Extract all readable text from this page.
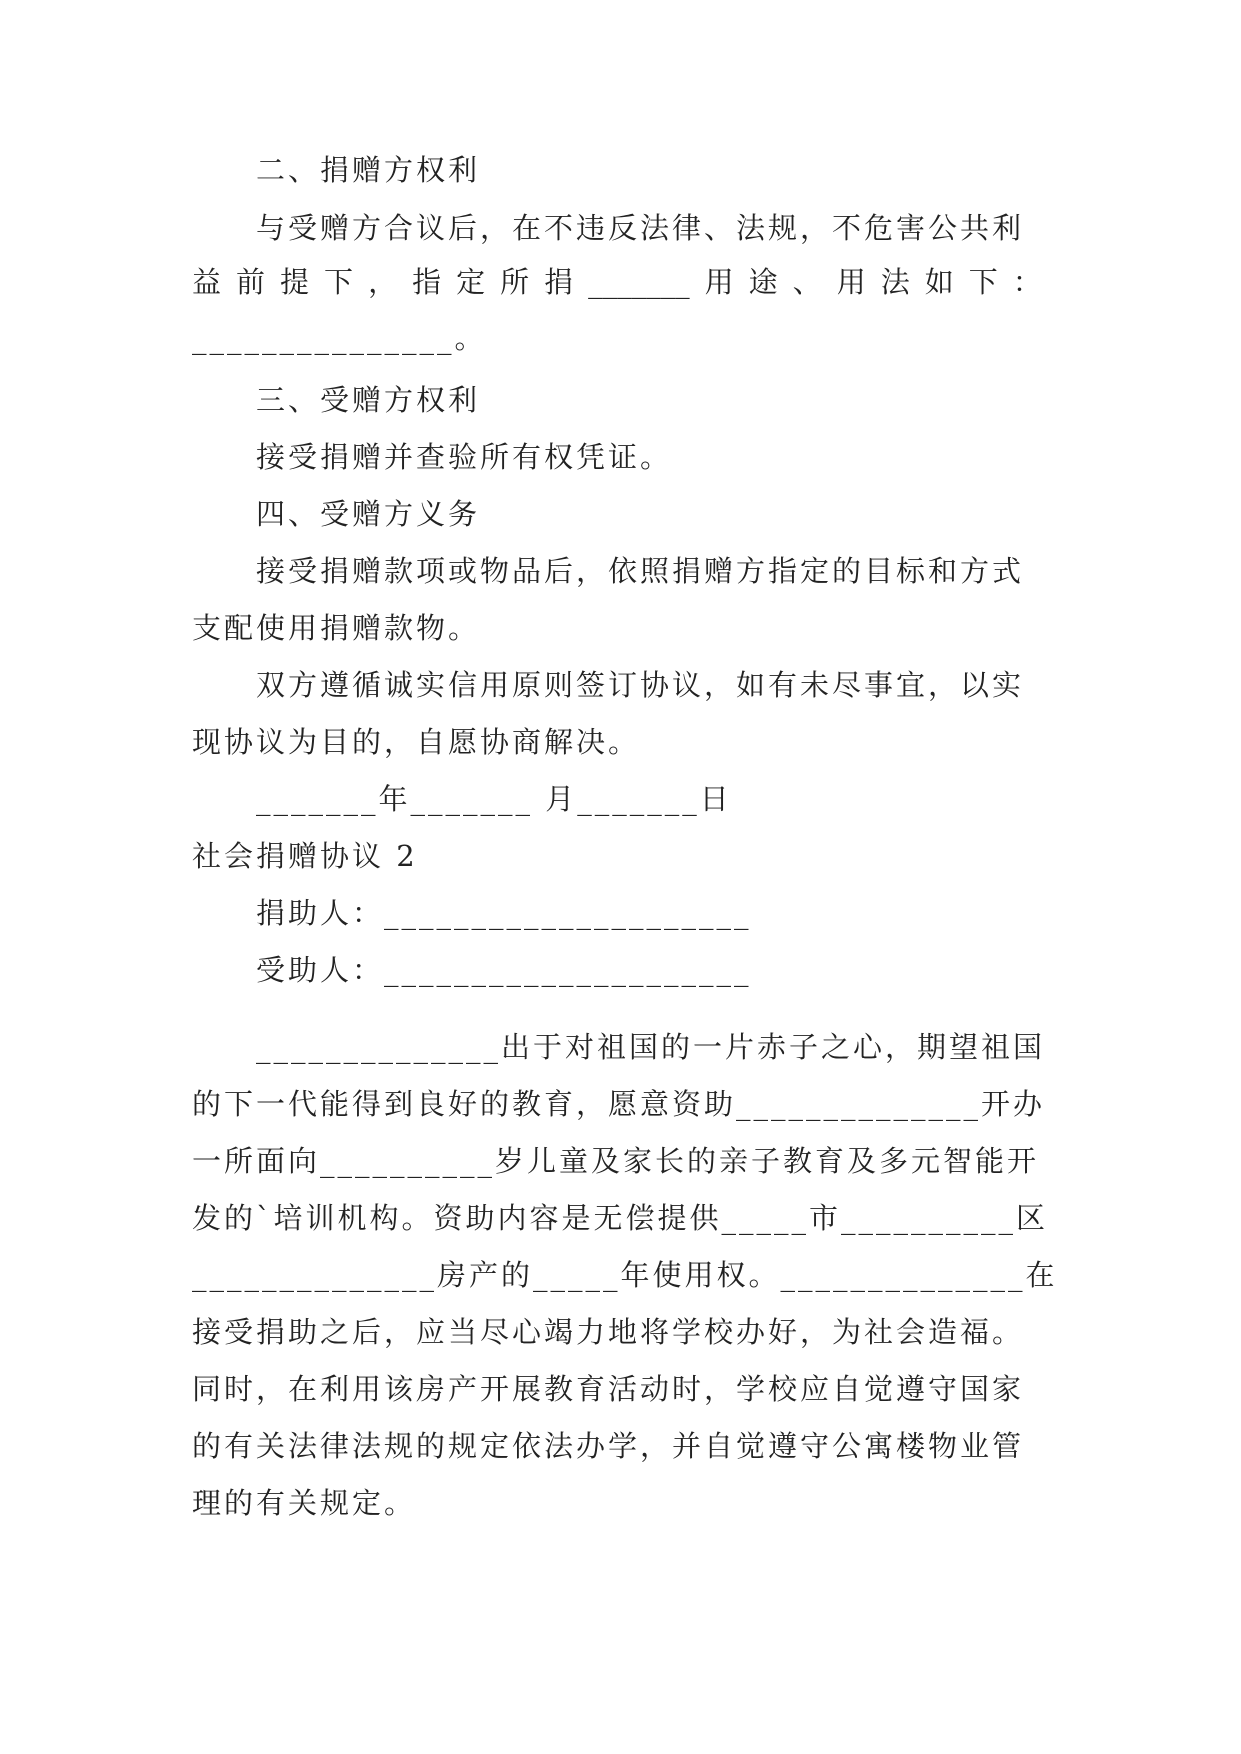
二、捐赠方权利
与受赠方合议后，在不违反法律、法规，不危害公共利
益 前 提 下 ， 指 定 所 捐 _______ 用 途 、 用 法 如 下 ：
_______________。
三、受赠方权利
接受捐赠并查验所有权凭证。
四、受赠方义务
接受捐赠款项或物品后，依照捐赠方指定的目标和方式
支配使用捐赠款物。
双方遵循诚实信用原则签订协议，如有未尽事宜，以实
现协议为目的，自愿协商解决。
_______年_______ 月_______日
社会捐赠协议 2
捐助人：_____________________
受助人：_____________________
______________出于对祖国的一片赤子之心，期望祖国
的下一代能得到良好的教育，愿意资助______________开办
一所面向__________岁儿童及家长的亲子教育及多元智能开
发的`培训机构。资助内容是无偿提供_____市__________区
______________房产的_____年使用权。______________在
接受捐助之后，应当尽心竭力地将学校办好，为社会造福。
同时，在利用该房产开展教育活动时，学校应自觉遵守国家
的有关法律法规的规定依法办学，并自觉遵守公寓楼物业管
理的有关规定。
